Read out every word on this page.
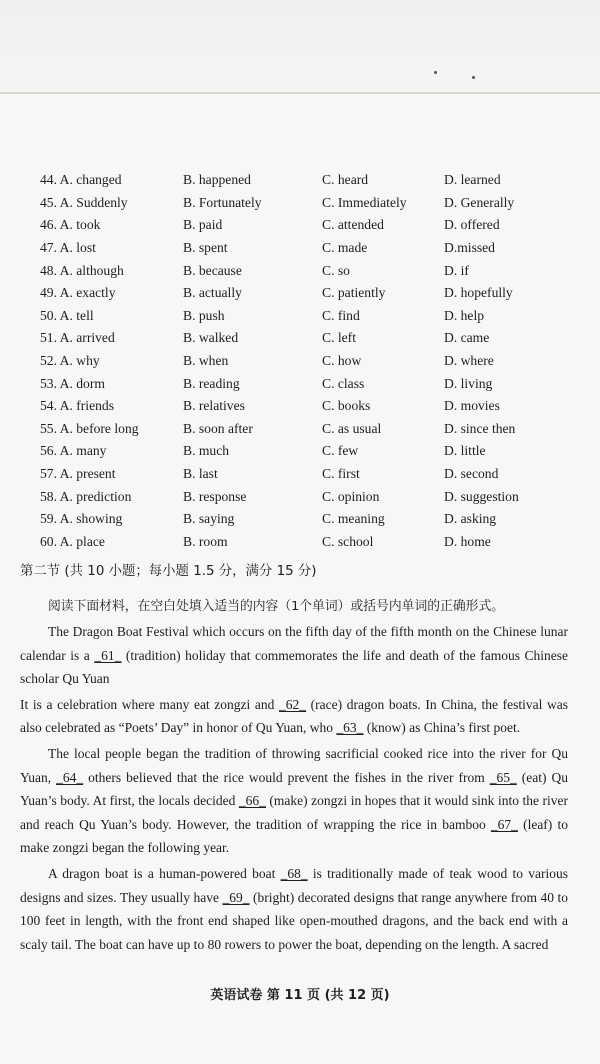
44. A. changed	B. happened	C. heard	D. learned
45. A. Suddenly	B. Fortunately	C. Immediately	D. Generally
46. A. took	B. paid	C. attended	D. offered
47. A. lost	B. spent	C. made	D.missed
48. A. although	B. because	C. so	D. if
49. A. exactly	B. actually	C. patiently	D. hopefully
50. A. tell	B. push	C. find	D. help
51. A. arrived	B. walked	C. left	D. came
52. A. why	B. when	C. how	D. where
53. A. dorm	B. reading	C. class	D. living
54. A. friends	B. relatives	C. books	D. movies
55. A. before long	B. soon after	C. as usual	D. since then
56. A. many	B. much	C. few	D. little
57. A. present	B. last	C. first	D. second
58. A. prediction	B. response	C. opinion	D. suggestion
59. A. showing	B. saying	C. meaning	D. asking
60. A. place	B. room	C. school	D. home
第二节 (共 10 小题；每小题 1.5 分，满分 15 分)
阅读下面材料，在空白处填入适当的内容（1个单词）或括号内单词的正确形式。

The Dragon Boat Festival which occurs on the fifth day of the fifth month on the Chinese lunar calendar is a _61_ (tradition) holiday that commemorates the life and death of the famous Chinese scholar Qu Yuan

It is a celebration where many eat zongzi and _62_ (race) dragon boats. In China, the festival was also celebrated as “Poets’ Day” in honor of Qu Yuan, who _63_ (know) as China’s first poet.

The local people began the tradition of throwing sacrificial cooked rice into the river for Qu Yuan, _64_ others believed that the rice would prevent the fishes in the river from _65_ (eat) Qu Yuan’s body. At first, the locals decided _66_ (make) zongzi in hopes that it would sink into the river and reach Qu Yuan’s body. However, the tradition of wrapping the rice in bamboo _67_ (leaf) to make zongzi began the following year.

A dragon boat is a human-powered boat _68_ is traditionally made of teak wood to various designs and sizes. They usually have _69_ (bright) decorated designs that range anywhere from 40 to 100 feet in length, with the front end shaped like open-mouthed dragons, and the back end with a scaly tail. The boat can have up to 80 rowers to power the boat, depending on the length. A sacred

英语试卷 第 11 页 (共 12 页)
